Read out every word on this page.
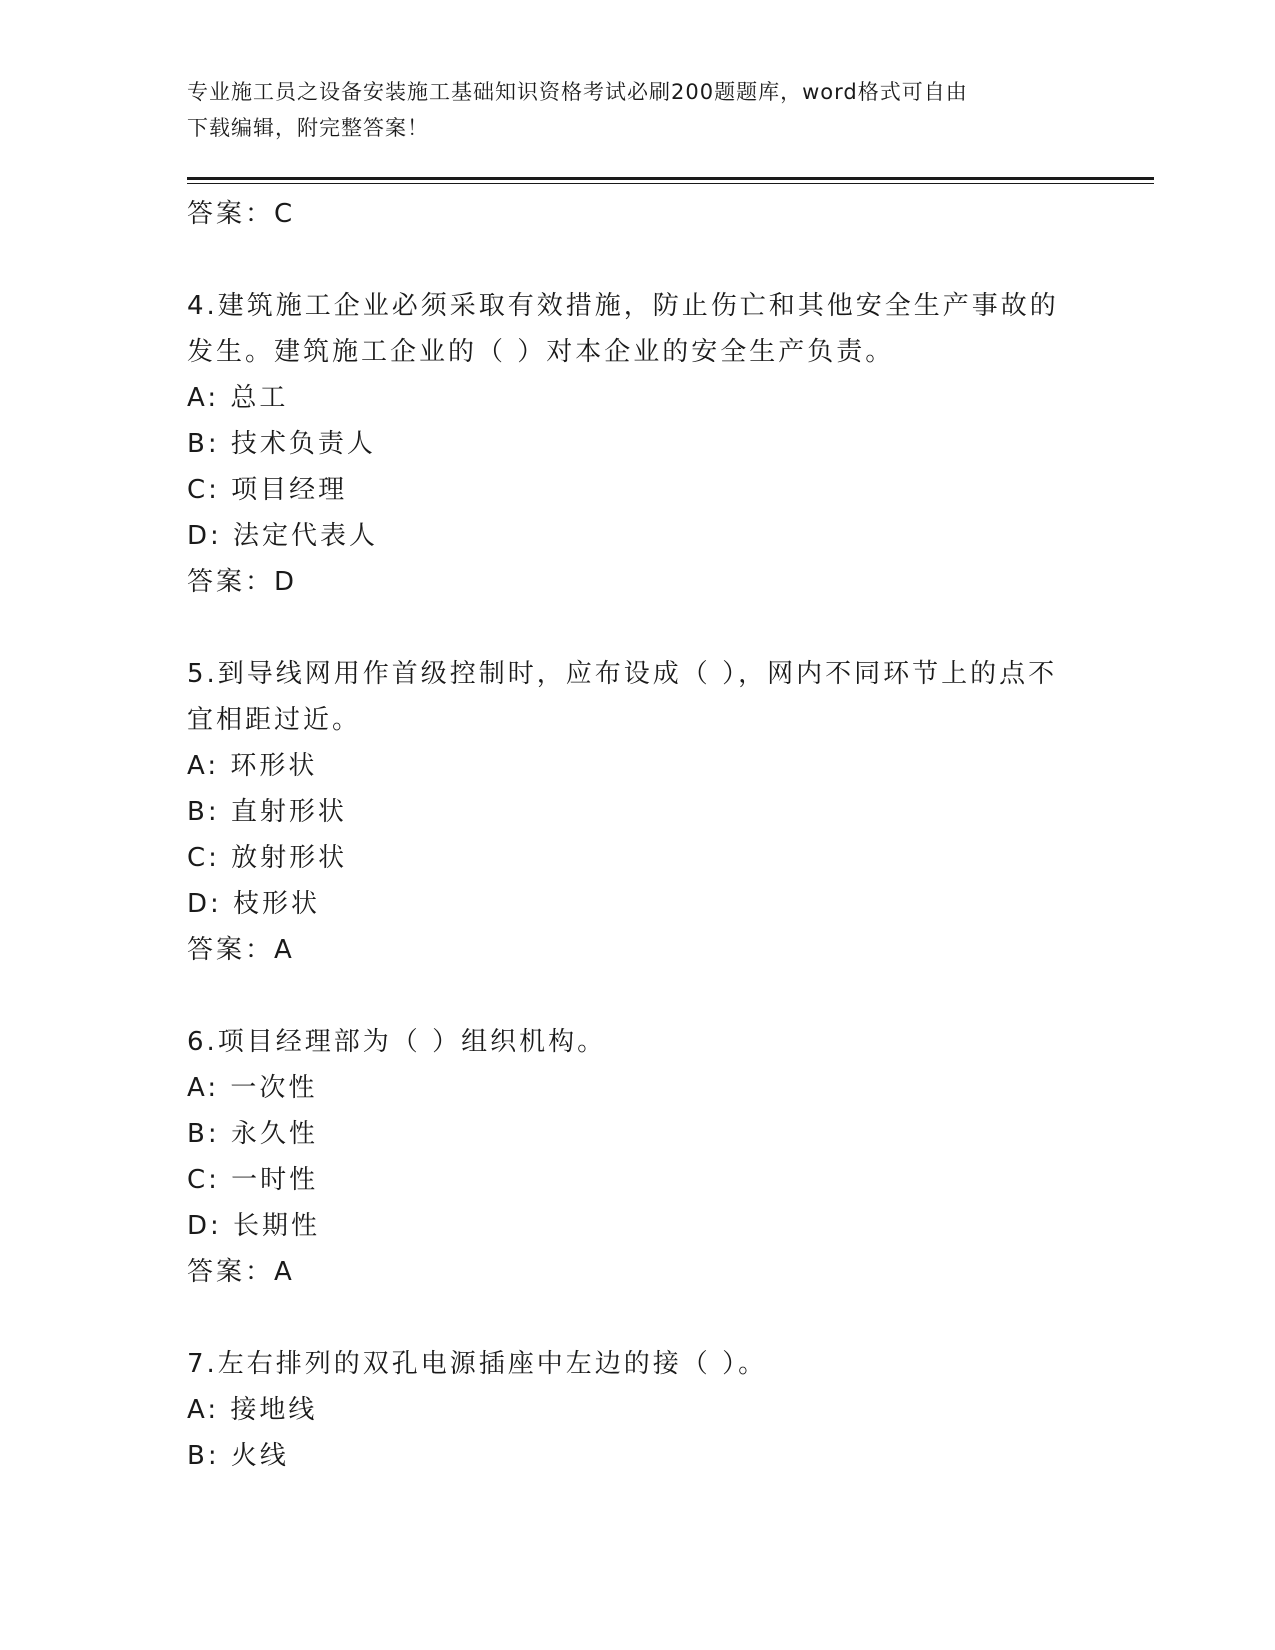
专业施工员之设备安装施工基础知识资格考试必刷200题题库，word格式可自由
下载编辑，附完整答案！
答案：C
4.建筑施工企业必须采取有效措施，防止伤亡和其他安全生产事故的
发生。建筑施工企业的（ ）对本企业的安全生产负责。
A: 总工
B: 技术负责人
C: 项目经理
D: 法定代表人
答案：D
5.到导线网用作首级控制时，应布设成（ ），网内不同环节上的点不
宜相距过近。
A: 环形状
B: 直射形状
C: 放射形状
D: 枝形状
答案：A
6.项目经理部为（ ）组织机构。
A: 一次性
B: 永久性
C: 一时性
D: 长期性
答案：A
7.左右排列的双孔电源插座中左边的接（ ）。
A: 接地线
B: 火线
